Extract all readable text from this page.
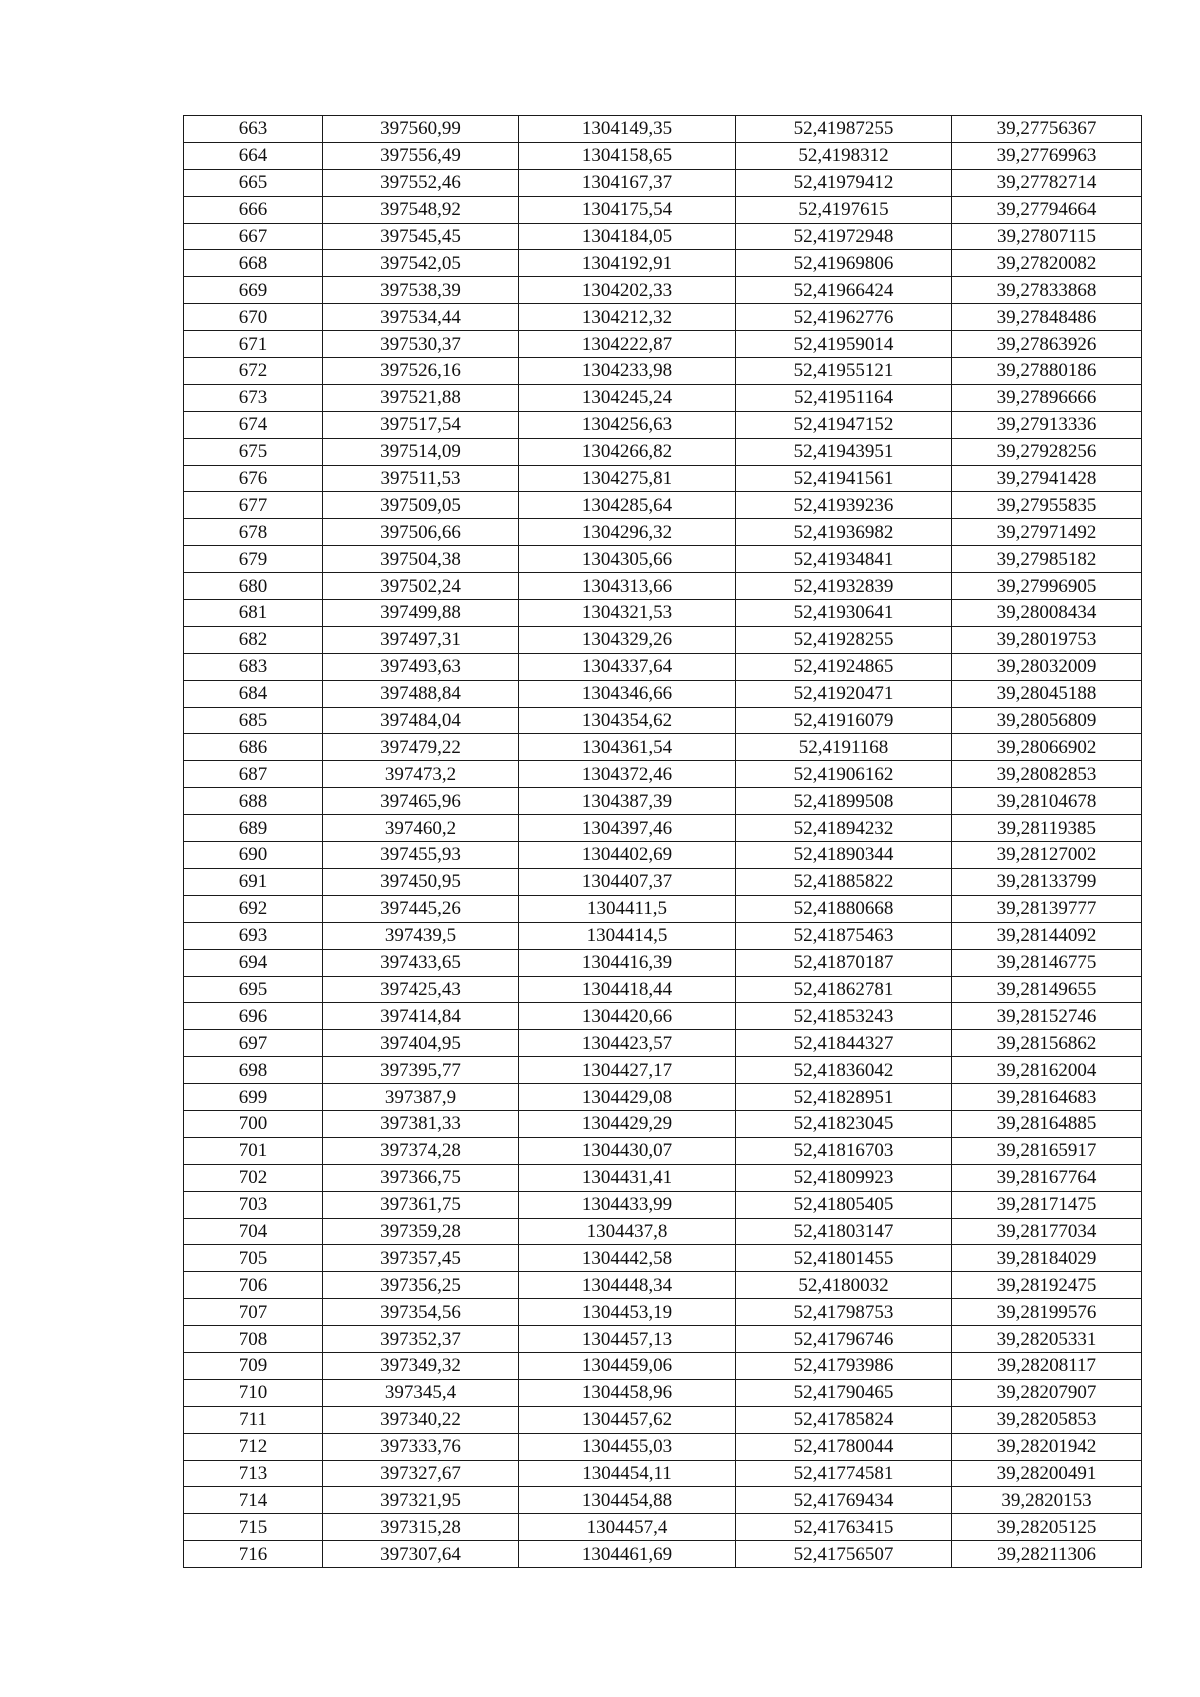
663	397560,99	1304149,35	52,41987255	39,27756367
664	397556,49	1304158,65	52,4198312	39,27769963
665	397552,46	1304167,37	52,41979412	39,27782714
666	397548,92	1304175,54	52,4197615	39,27794664
667	397545,45	1304184,05	52,41972948	39,27807115
668	397542,05	1304192,91	52,41969806	39,27820082
669	397538,39	1304202,33	52,41966424	39,27833868
670	397534,44	1304212,32	52,41962776	39,27848486
671	397530,37	1304222,87	52,41959014	39,27863926
672	397526,16	1304233,98	52,41955121	39,27880186
673	397521,88	1304245,24	52,41951164	39,27896666
674	397517,54	1304256,63	52,41947152	39,27913336
675	397514,09	1304266,82	52,41943951	39,27928256
676	397511,53	1304275,81	52,41941561	39,27941428
677	397509,05	1304285,64	52,41939236	39,27955835
678	397506,66	1304296,32	52,41936982	39,27971492
679	397504,38	1304305,66	52,41934841	39,27985182
680	397502,24	1304313,66	52,41932839	39,27996905
681	397499,88	1304321,53	52,41930641	39,28008434
682	397497,31	1304329,26	52,41928255	39,28019753
683	397493,63	1304337,64	52,41924865	39,28032009
684	397488,84	1304346,66	52,41920471	39,28045188
685	397484,04	1304354,62	52,41916079	39,28056809
686	397479,22	1304361,54	52,4191168	39,28066902
687	397473,2	1304372,46	52,41906162	39,28082853
688	397465,96	1304387,39	52,41899508	39,28104678
689	397460,2	1304397,46	52,41894232	39,28119385
690	397455,93	1304402,69	52,41890344	39,28127002
691	397450,95	1304407,37	52,41885822	39,28133799
692	397445,26	1304411,5	52,41880668	39,28139777
693	397439,5	1304414,5	52,41875463	39,28144092
694	397433,65	1304416,39	52,41870187	39,28146775
695	397425,43	1304418,44	52,41862781	39,28149655
696	397414,84	1304420,66	52,41853243	39,28152746
697	397404,95	1304423,57	52,41844327	39,28156862
698	397395,77	1304427,17	52,41836042	39,28162004
699	397387,9	1304429,08	52,41828951	39,28164683
700	397381,33	1304429,29	52,41823045	39,28164885
701	397374,28	1304430,07	52,41816703	39,28165917
702	397366,75	1304431,41	52,41809923	39,28167764
703	397361,75	1304433,99	52,41805405	39,28171475
704	397359,28	1304437,8	52,41803147	39,28177034
705	397357,45	1304442,58	52,41801455	39,28184029
706	397356,25	1304448,34	52,4180032	39,28192475
707	397354,56	1304453,19	52,41798753	39,28199576
708	397352,37	1304457,13	52,41796746	39,28205331
709	397349,32	1304459,06	52,41793986	39,28208117
710	397345,4	1304458,96	52,41790465	39,28207907
711	397340,22	1304457,62	52,41785824	39,28205853
712	397333,76	1304455,03	52,41780044	39,28201942
713	397327,67	1304454,11	52,41774581	39,28200491
714	397321,95	1304454,88	52,41769434	39,2820153
715	397315,28	1304457,4	52,41763415	39,28205125
716	397307,64	1304461,69	52,41756507	39,28211306
